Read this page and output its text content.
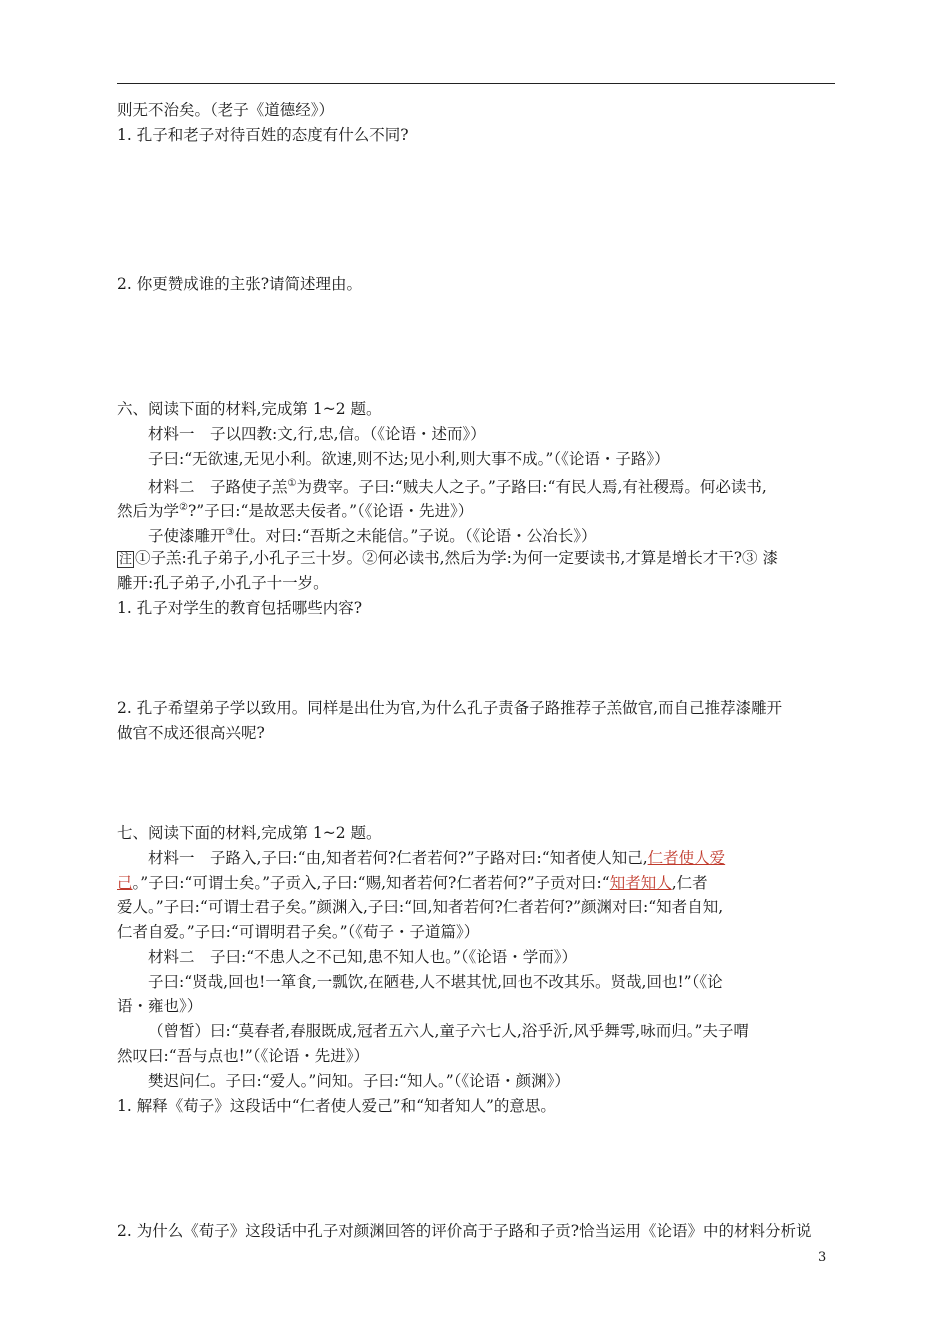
则无不治矣。（老子《道德经》）
1. 孔子和老子对待百姓的态度有什么不同?
2. 你更赞成谁的主张?请简述理由。
六、阅读下面的材料,完成第 1~2 题。
材料一　子以四教:文,行,忠,信。（《论语・述而》）
子曰:“无欲速,无见小利。欲速,则不达;见小利,则大事不成。”（《论语・子路》）
材料二　子路使子羔①为费宰。子曰:“贼夫人之子。”子路曰:“有民人焉,有社稷焉。何必读书,
然后为学②?”子曰:“是故恶夫佞者。”（《论语・先进》）
子使漆雕开③仕。对曰:“吾斯之未能信。”子说。（《论语・公冶长》）
注 ①子羔:孔子弟子,小孔子三十岁。②何必读书,然后为学:为何一定要读书,才算是增长才干?③ 漆
雕开:孔子弟子,小孔子十一岁。
1. 孔子对学生的教育包括哪些内容?
2. 孔子希望弟子学以致用。同样是出仕为官,为什么孔子责备子路推荐子羔做官,而自己推荐漆雕开
做官不成还很高兴呢?
七、阅读下面的材料,完成第 1~2 题。
材料一　子路入,子曰:“由,知者若何?仁者若何?”子路对曰:“知者使人知己,仁者使人爱
己。”子曰:“可谓士矣。”子贡入,子曰:“赐,知者若何?仁者若何?”子贡对曰:“知者知人,仁者
爱人。”子曰:“可谓士君子矣。”颜渊入,子曰:“回,知者若何?仁者若何?”颜渊对曰:“知者自知,
仁者自爱。”子曰:“可谓明君子矣。”（《荀子・子道篇》）
材料二　子曰:“不患人之不己知,患不知人也。”（《论语・学而》）
子曰:“贤哉,回也!一箪食,一瓢饮,在陋巷,人不堪其忧,回也不改其乐。贤哉,回也!”（《论
语・雍也》）
（曾皙）曰:“莫春者,春服既成,冠者五六人,童子六七人,浴乎沂,风乎舞雩,咏而归。”夫子喟
然叹曰:“吾与点也!”（《论语・先进》）
樊迟问仁。子曰:“爱人。”问知。子曰:“知人。”（《论语・颜渊》）
1. 解释《荀子》这段话中“仁者使人爱己”和“知者知人”的意思。
2. 为什么《荀子》这段话中孔子对颜渊回答的评价高于子路和子贡?恰当运用《论语》中的材料分析说
3
